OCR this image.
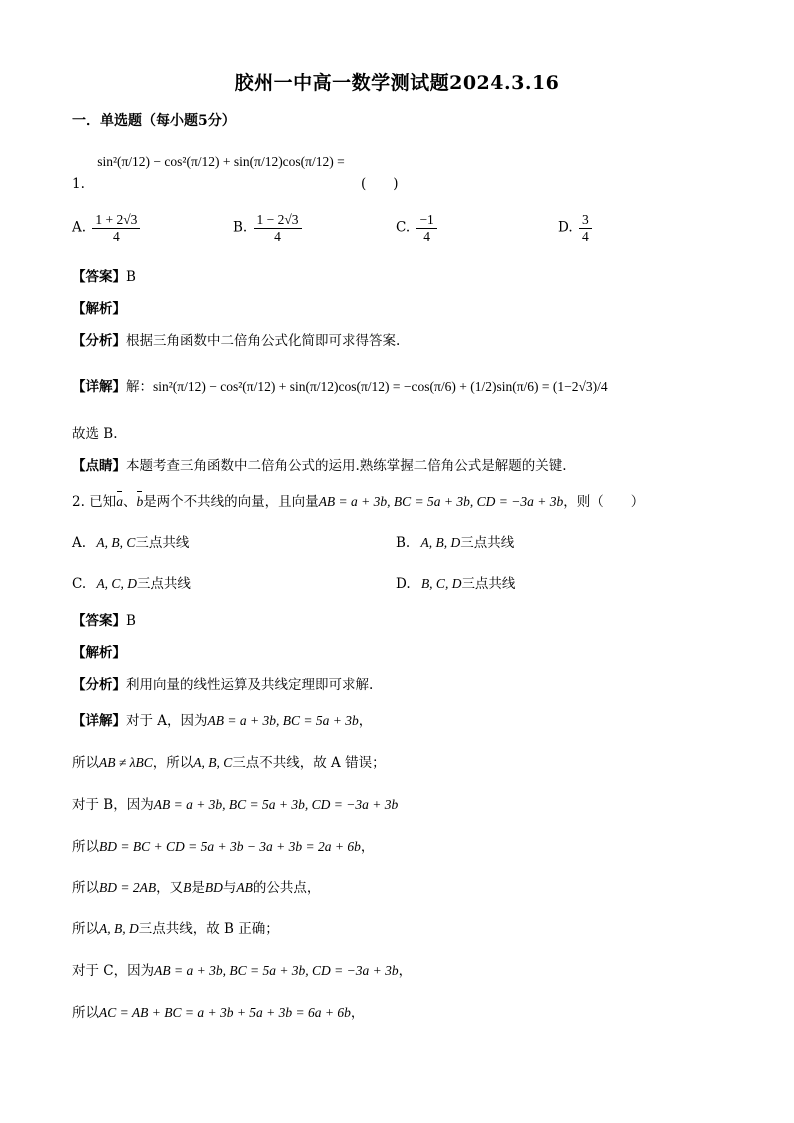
胶州一中高一数学测试题2024.3.16
一．单选题（每小题5分）
1. sin²(π/12) − cos²(π/12) + sin(π/12)cos(π/12) = (　　)
A. $\frac{1 + 2√3}{4}$	B. $\frac{1 - 2√3}{4}$	C. $\frac{-1}{4}$	D. $\frac{3}{4}$
【答案】B
【解析】
【分析】根据三角函数中二倍角公式化简即可求得答案.
【详解】解：sin²(π/12) − cos²(π/12) + sin(π/12)cos(π/12) = −cos(π/6) + (1/2)sin(π/6) = (1−2√3)/4
故选 B.
【点睛】本题考查三角函数中二倍角公式的运用.熟练掌握二倍角公式是解题的关键.
2. 已知a、b是两个不共线的向量，且向量AB = a + 3b, BC = 5a + 3b, CD = −3a + 3b，则（　　）
A. A, B, C三点共线	B. A, B, D三点共线
C. A, C, D三点共线	D. B, C, D三点共线
【答案】B
【解析】
【分析】利用向量的线性运算及共线定理即可求解.
【详解】对于 A，因为AB = a + 3b, BC = 5a + 3b，
所以AB ≠ λBC，所以A, B, C三点不共线，故 A 错误；
对于 B，因为AB = a + 3b, BC = 5a + 3b, CD = −3a + 3b
所以BD = BC + CD = 5a + 3b − 3a + 3b = 2a + 6b，
所以BD = 2AB，又B是BD与AB的公共点，
所以A, B, D三点共线，故 B 正确；
对于 C，因为AB = a + 3b, BC = 5a + 3b, CD = −3a + 3b，
所以AC = AB + BC = a + 3b + 5a + 3b = 6a + 6b，
